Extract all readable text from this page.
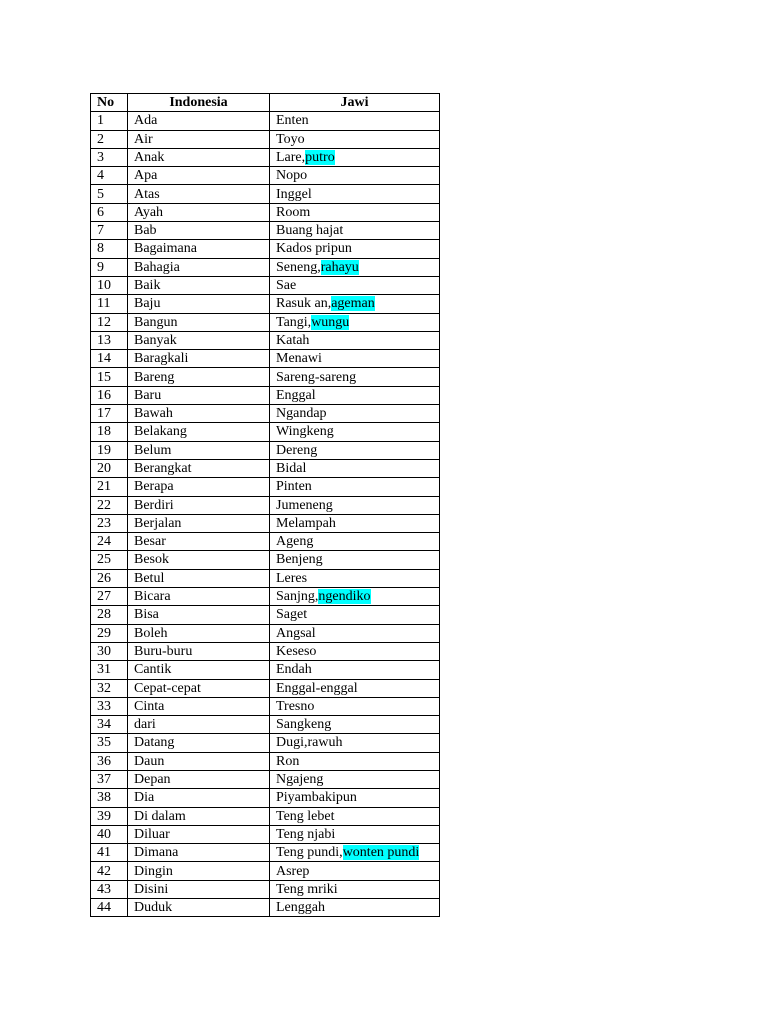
No	Indonesia	Jawi
1	Ada	Enten
2	Air	Toyo
3	Anak	Lare,putro
4	Apa	Nopo
5	Atas	Inggel
6	Ayah	Room
7	Bab	Buang hajat
8	Bagaimana	Kados pripun
9	Bahagia	Seneng,rahayu
10	Baik	Sae
11	Baju	Rasuk an,ageman
12	Bangun	Tangi,wungu
13	Banyak	Katah
14	Baragkali	Menawi
15	Bareng	Sareng-sareng
16	Baru	Enggal
17	Bawah	Ngandap
18	Belakang	Wingkeng
19	Belum	Dereng
20	Berangkat	Bidal
21	Berapa	Pinten
22	Berdiri	Jumeneng
23	Berjalan	Melampah
24	Besar	Ageng
25	Besok	Benjeng
26	Betul	Leres
27	Bicara	Sanjng,ngendiko
28	Bisa	Saget
29	Boleh	Angsal
30	Buru-buru	Keseso
31	Cantik	Endah
32	Cepat-cepat	Enggal-enggal
33	Cinta	Tresno
34	dari	Sangkeng
35	Datang	Dugi,rawuh
36	Daun	Ron
37	Depan	Ngajeng
38	Dia	Piyambakipun
39	Di dalam	Teng lebet
40	Diluar	Teng njabi
41	Dimana	Teng pundi,wonten pundi
42	Dingin	Asrep
43	Disini	Teng mriki
44	Duduk	Lenggah
